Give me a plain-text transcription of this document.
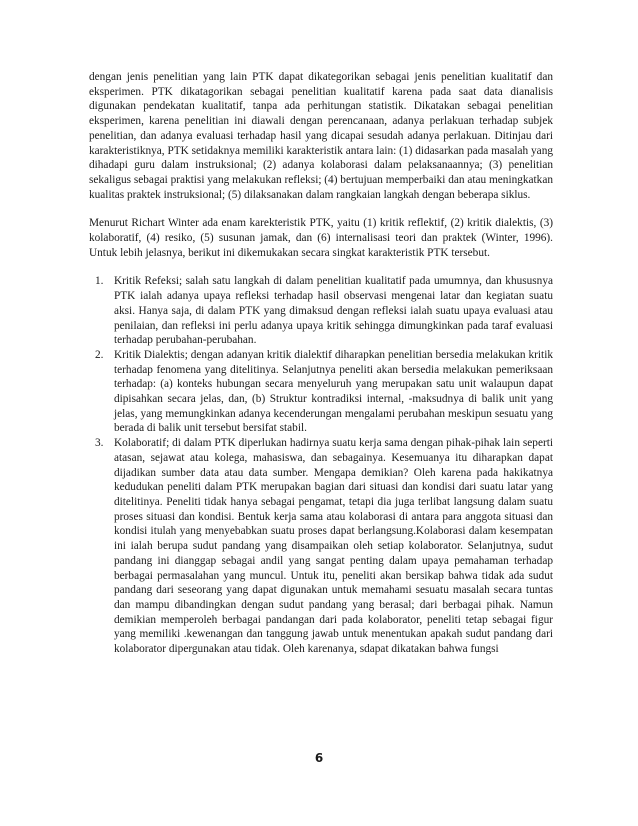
dengan jenis penelitian yang lain PTK dapat dikategorikan sebagai jenis penelitian kualitatif dan eksperimen. PTK dikatagorikan sebagai penelitian kualitatif karena pada saat data dianalisis digunakan pendekatan kualitatif, tanpa ada perhitungan statistik. Dikatakan sebagai penelitian eksperimen, karena penelitian ini diawali dengan perencanaan, adanya perlakuan terhadap subjek penelitian, dan adanya evaluasi terhadap hasil yang dicapai sesudah adanya perlakuan. Ditinjau dari karakteristiknya, PTK setidaknya memiliki karakteristik antara lain: (1) didasarkan pada masalah yang dihadapi guru dalam instruksional; (2) adanya kolaborasi dalam pelaksanaannya; (3) penelitian sekaligus sebagai praktisi yang melakukan refleksi; (4) bertujuan memperbaiki dan atau meningkatkan kualitas praktek instruksional; (5) dilaksanakan dalam rangkaian langkah dengan beberapa siklus.

Menurut Richart Winter ada enam karekteristik PTK, yaitu (1) kritik reflektif, (2) kritik dialektis, (3) kolaboratif, (4) resiko, (5) susunan jamak, dan (6) internalisasi teori dan praktek (Winter, 1996). Untuk lebih jelasnya, berikut ini dikemukakan secara singkat karakteristik PTK tersebut.

1. Kritik Refeksi; salah satu langkah di dalam penelitian kualitatif pada umumnya, dan khususnya PTK ialah adanya upaya refleksi terhadap hasil observasi mengenai latar dan kegiatan suatu aksi. Hanya saja, di dalam PTK yang dimaksud dengan refleksi ialah suatu upaya evaluasi atau penilaian, dan refleksi ini perlu adanya upaya kritik sehingga dimungkinkan pada taraf evaluasi terhadap perubahan-perubahan.
2. Kritik Dialektis; dengan adanyan kritik dialektif diharapkan penelitian bersedia melakukan kritik terhadap fenomena yang ditelitinya. Selanjutnya peneliti akan bersedia melakukan pemeriksaan terhadap: (a) konteks hubungan secara menyeluruh yang merupakan satu unit walaupun dapat dipisahkan secara jelas, dan, (b) Struktur kontradiksi internal, -maksudnya di balik unit yang jelas, yang memungkinkan adanya kecenderungan mengalami perubahan meskipun sesuatu yang berada di balik unit tersebut bersifat stabil.
3. Kolaboratif; di dalam PTK diperlukan hadirnya suatu kerja sama dengan pihak-pihak lain seperti atasan, sejawat atau kolega, mahasiswa, dan sebagainya. Kesemuanya itu diharapkan dapat dijadikan sumber data atau data sumber. Mengapa demikian? Oleh karena pada hakikatnya kedudukan peneliti dalam PTK merupakan bagian dari situasi dan kondisi dari suatu latar yang ditelitinya. Peneliti tidak hanya sebagai pengamat, tetapi dia juga terlibat langsung dalam suatu proses situasi dan kondisi. Bentuk kerja sama atau kolaborasi di antara para anggota situasi dan kondisi itulah yang menyebabkan suatu proses dapat berlangsung.Kolaborasi dalam kesempatan ini ialah berupa sudut pandang yang disampaikan oleh setiap kolaborator. Selanjutnya, sudut pandang ini dianggap sebagai andil yang sangat penting dalam upaya pemahaman terhadap berbagai permasalahan yang muncul. Untuk itu, peneliti akan bersikap bahwa tidak ada sudut pandang dari seseorang yang dapat digunakan untuk memahami sesuatu masalah secara tuntas dan mampu dibandingkan dengan sudut pandang yang berasal; dari berbagai pihak. Namun demikian memperoleh berbagai pandangan dari pada kolaborator, peneliti tetap sebagai figur yang memiliki .kewenangan dan tanggung jawab untuk menentukan apakah sudut pandang dari kolaborator dipergunakan atau tidak. Oleh karenanya, sdapat dikatakan bahwa fungsi
6
